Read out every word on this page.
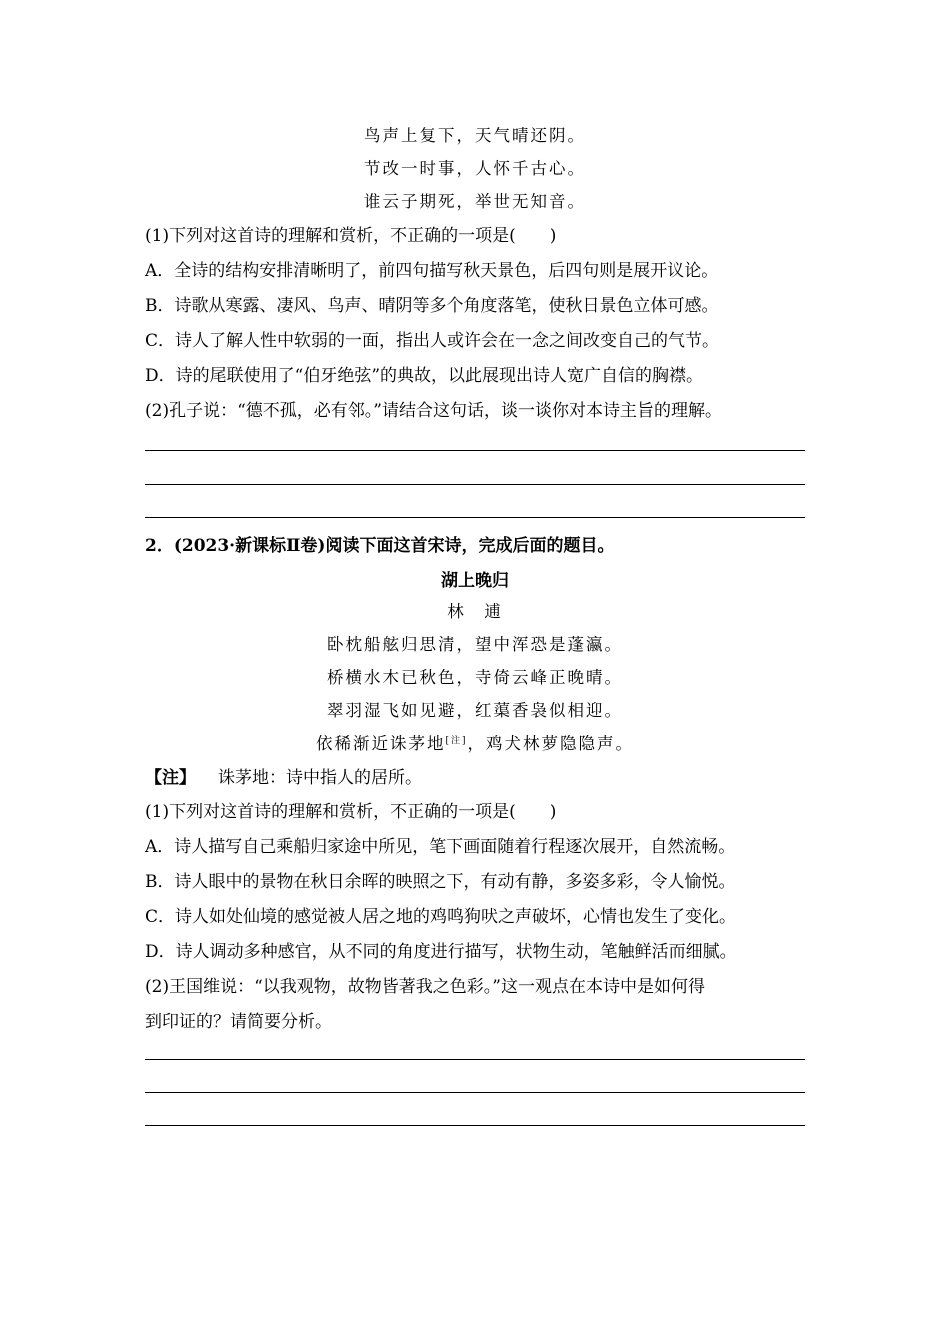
鸟声上复下，天气晴还阴。
节改一时事，人怀千古心。
谁云子期死，举世无知音。
(1)下列对这首诗的理解和赏析，不正确的一项是(　　)
A．全诗的结构安排清晰明了，前四句描写秋天景色，后四句则是展开议论。
B．诗歌从寒露、凄风、鸟声、晴阴等多个角度落笔，使秋日景色立体可感。
C．诗人了解人性中软弱的一面，指出人或许会在一念之间改变自己的气节。
D．诗的尾联使用了“伯牙绝弦”的典故，以此展现出诗人宽广自信的胸襟。
(2)孔子说：“德不孤，必有邻。”请结合这句话，谈一谈你对本诗主旨的理解。
2．(2023·新课标Ⅱ卷)阅读下面这首宋诗，完成后面的题目。
湖上晚归
林　逋
卧枕船舷归思清，望中浑恐是蓬瀛。
桥横水木已秋色，寺倚云峰正晚晴。
翠羽湿飞如见避，红蕖香袅似相迎。
依稀渐近诛茅地[注]，鸡犬林萝隐隐声。
【注】 诛茅地：诗中指人的居所。
(1)下列对这首诗的理解和赏析，不正确的一项是(　　)
A．诗人描写自己乘船归家途中所见，笔下画面随着行程逐次展开，自然流畅。
B．诗人眼中的景物在秋日余晖的映照之下，有动有静，多姿多彩，令人愉悦。
C．诗人如处仙境的感觉被人居之地的鸡鸣狗吠之声破坏，心情也发生了变化。
D．诗人调动多种感官，从不同的角度进行描写，状物生动，笔触鲜活而细腻。
(2)王国维说：“以我观物，故物皆著我之色彩。”这一观点在本诗中是如何得
到印证的？请简要分析。
